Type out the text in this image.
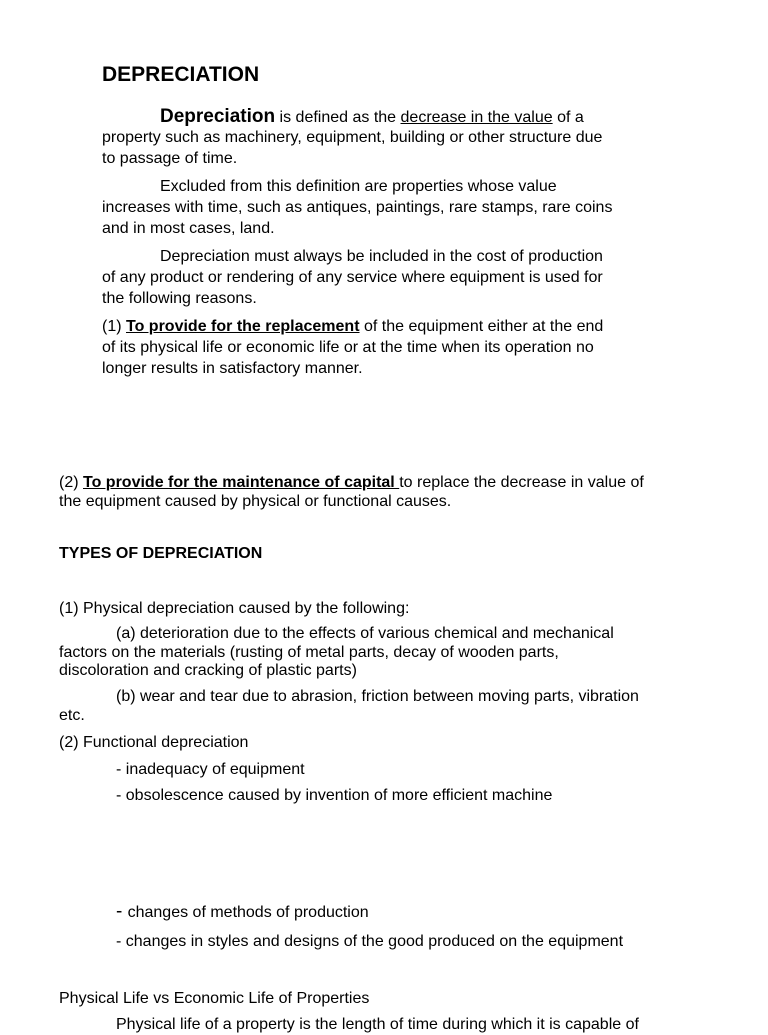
DEPRECIATION
Depreciation is defined as the decrease in the value of a
property such as machinery, equipment, building or other structure due
to passage of time.
Excluded from this definition are properties whose value
increases with time, such as antiques, paintings, rare stamps, rare coins
and in most cases, land.
Depreciation must always be included in the cost of production
of any product or rendering of any service where equipment is used for
the following reasons.
(1) To provide for the replacement of the equipment either at the end
of its physical life or economic life or at the time when its operation no
longer results in satisfactory manner.
(2) To provide for the maintenance of capital to replace the decrease in value of
the equipment caused by physical or functional causes.
TYPES OF DEPRECIATION
(1) Physical depreciation caused by the following:
(a) deterioration due to the effects of various chemical and mechanical
factors on the materials (rusting of metal parts, decay of wooden parts,
discoloration and cracking of plastic parts)
(b) wear and tear due to abrasion, friction between moving parts, vibration
etc.
(2) Functional depreciation
- inadequacy of equipment
- obsolescence caused by invention of more efficient machine
- changes of methods of production
- changes in styles and designs of the good produced on the equipment
Physical Life vs Economic Life of Properties
Physical life of a property is the length of time during which it is capable of
